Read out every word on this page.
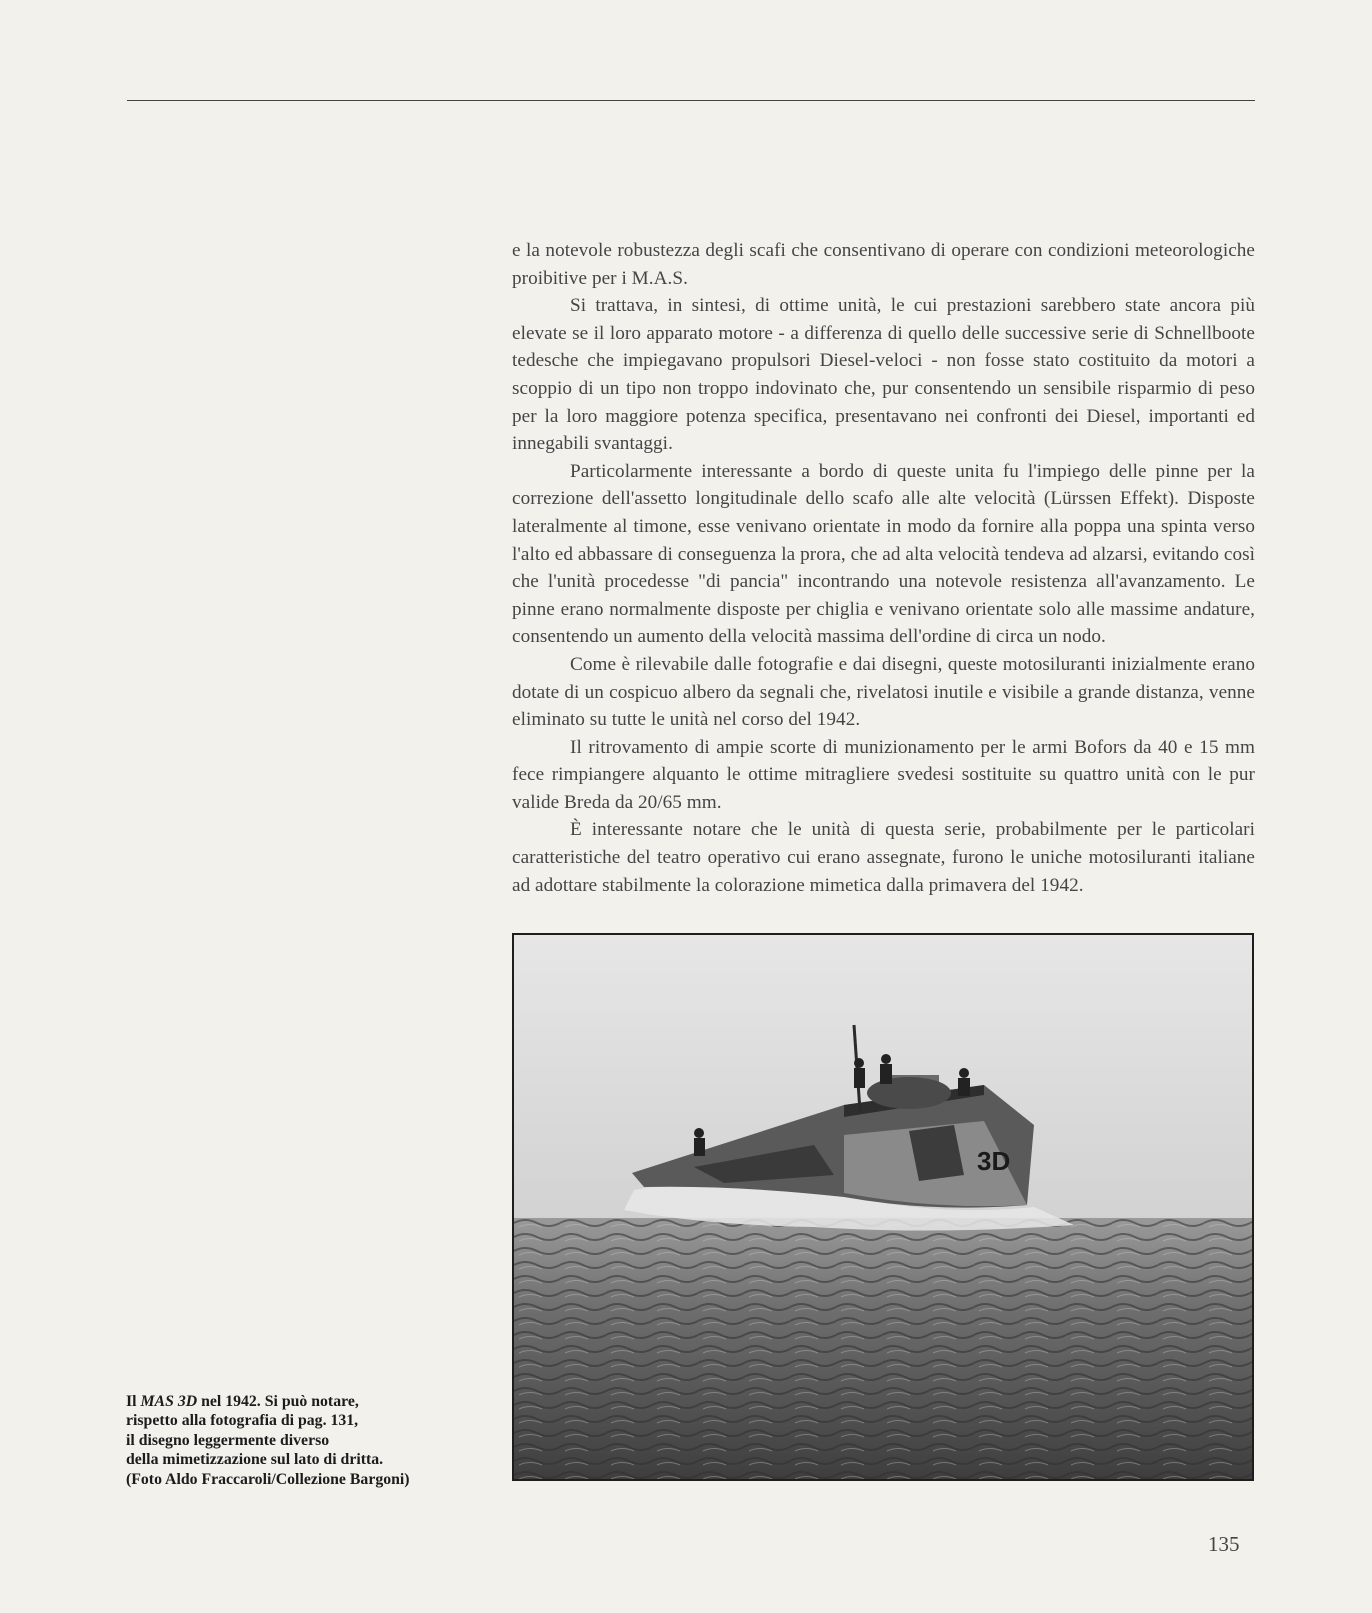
e la notevole robustezza degli scafi che consentivano di operare con condizioni meteorologiche proibitive per i M.A.S.

Si trattava, in sintesi, di ottime unità, le cui prestazioni sarebbero state ancora più elevate se il loro apparato motore - a differenza di quello delle successive serie di Schnellboote tedesche che impiegavano propulsori Diesel-veloci - non fosse stato costituito da motori a scoppio di un tipo non troppo indovinato che, pur consentendo un sensibile risparmio di peso per la loro maggiore potenza specifica, presentavano nei confronti dei Diesel, importanti ed innegabili svantaggi.

Particolarmente interessante a bordo di queste unita fu l'impiego delle pinne per la correzione dell'assetto longitudinale dello scafo alle alte velocità (Lürssen Effekt). Disposte lateralmente al timone, esse venivano orientate in modo da fornire alla poppa una spinta verso l'alto ed abbassare di conseguenza la prora, che ad alta velocità tendeva ad alzarsi, evitando così che l'unità procedesse "di pancia" incontrando una notevole resistenza all'avanzamento. Le pinne erano normalmente disposte per chiglia e venivano orientate solo alle massime andature, consentendo un aumento della velocità massima dell'ordine di circa un nodo.

Come è rilevabile dalle fotografie e dai disegni, queste motosiluranti inizialmente erano dotate di un cospicuo albero da segnali che, rivelatosi inutile e visibile a grande distanza, venne eliminato su tutte le unità nel corso del 1942.

Il ritrovamento di ampie scorte di munizionamento per le armi Bofors da 40 e 15 mm fece rimpiangere alquanto le ottime mitragliere svedesi sostituite su quattro unità con le pur valide Breda da 20/65 mm.

È interessante notare che le unità di questa serie, probabilmente per le particolari caratteristiche del teatro operativo cui erano assegnate, furono le uniche motosiluranti italiane ad adottare stabilmente la colorazione mimetica dalla primavera del 1942.

3D
Il MAS 3D nel 1942. Si può notare,
rispetto alla fotografia di pag. 131,
il disegno leggermente diverso
della mimetizzazione sul lato di dritta.
(Foto Aldo Fraccaroli/Collezione Bargoni)
135
